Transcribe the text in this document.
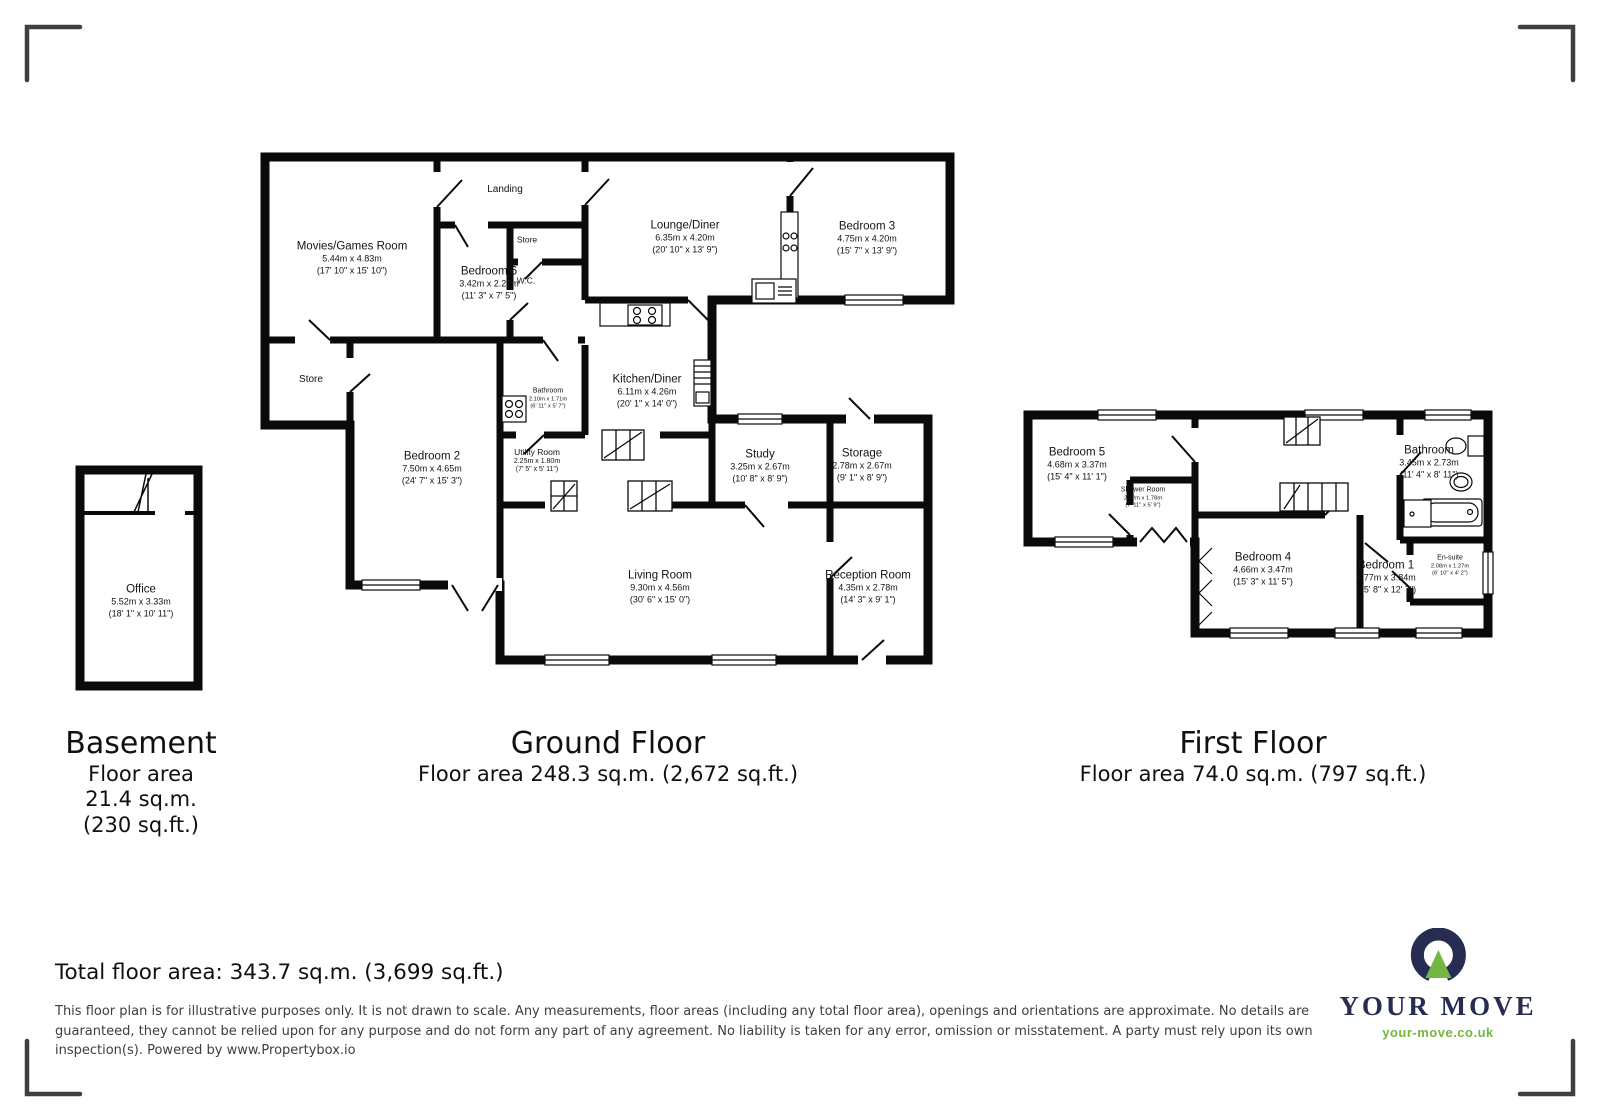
Office
5.52m x 3.33m
(18' 1" x 10' 11")
Movies/Games Room
5.44m x 4.83m
(17' 10" x 15' 10")	Bedroom 6
3.42m x 2.27m
(11' 3" x 7' 5")
Landing
Store
W.C.
Lounge/Diner
6.35m x 4.20m
(20' 10" x 13' 9")
Bedroom 3
4.75m x 4.20m
(15' 7" x 13' 9")
Store
Bedroom 2
7.50m x 4.65m
(24' 7" x 15' 3")
Bathroom
2.10m x 1.71m
(6' 11" x 5' 7")
Kitchen/Diner
6.11m x 4.26m
(20' 1" x 14' 0")
Utility Room
2.25m x 1.80m
(7' 5" x 5' 11")
Study
3.25m x 2.67m
(10' 8" x 8' 9")
Storage
2.78m x 2.67m
(9' 1" x 8' 9")
Living Room
9.30m x 4.56m
(30' 6" x 15' 0")
Reception Room
4.35m x 2.78m
(14' 3" x 9' 1")
Bedroom 5
4.68m x 3.37m
(15' 4" x 11' 1")
Shower Room
2.42m x 1.78m
(7' 11" x 5' 9")
Bathroom
3.45m x 2.73m
(11' 4" x 8' 11")
Bedroom 4
4.66m x 3.47m
(15' 3" x 11' 5")
Bedroom 1
4.77m x 3.84m
(15' 8" x 12' 7")
En-suite
2.08m x 1.27m
(6' 10" x 4' 2")
Basement
Floor area
21.4 sq.m.
(230 sq.ft.)
Ground Floor
Floor area 248.3 sq.m. (2,672 sq.ft.)
First Floor
Floor area 74.0 sq.m. (797 sq.ft.)
Total floor area: 343.7 sq.m. (3,699 sq.ft.)
This floor plan is for illustrative purposes only. It is not drawn to scale. Any measurements, floor areas (including any total floor area), openings and orientations are approximate. No details are guaranteed, they cannot be relied upon for any purpose and do not form any part of any agreement. No liability is taken for any error, omission or misstatement. A party must rely upon its own inspection(s). Powered by www.Propertybox.io
YOUR MOVE
your-move.co.uk
